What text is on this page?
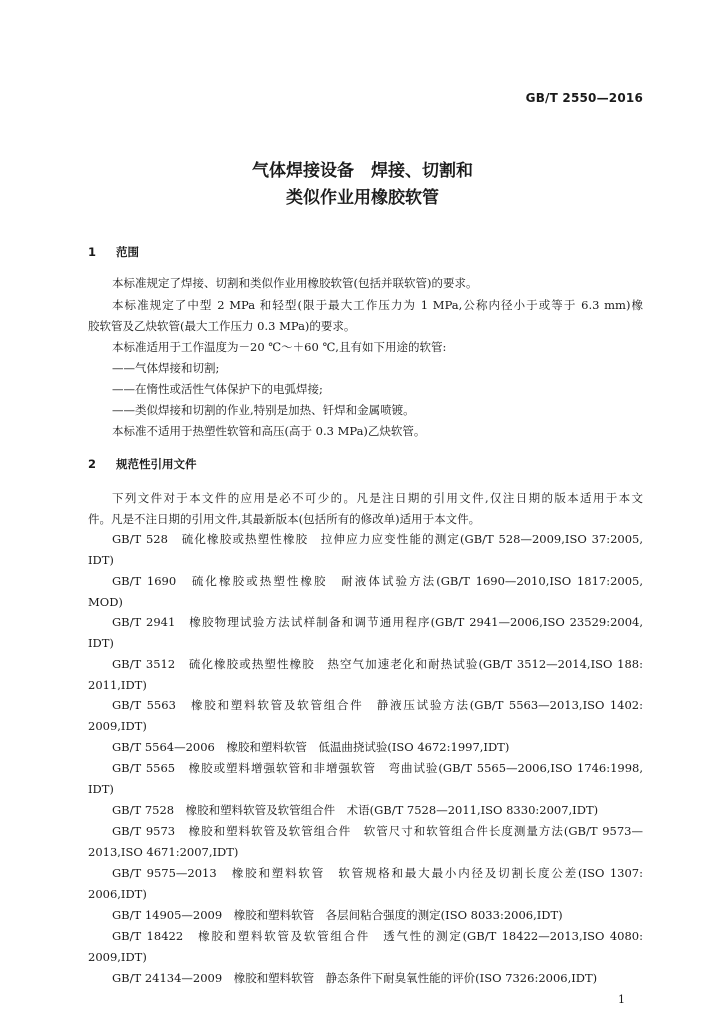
GB/T 2550—2016
气体焊接设备　焊接、切割和
类似作业用橡胶软管
1 范围
本标准规定了焊接、切割和类似作业用橡胶软管(包括并联软管)的要求。
本标准规定了中型 2 MPa 和轻型(限于最大工作压力为 1 MPa,公称内径小于或等于 6.3 mm)橡
胶软管及乙炔软管(最大工作压力 0.3 MPa)的要求。
本标准适用于工作温度为－20 ℃～＋60 ℃,且有如下用途的软管:
——气体焊接和切割;
——在惰性或活性气体保护下的电弧焊接;
——类似焊接和切割的作业,特别是加热、钎焊和金属喷镀。
本标准不适用于热塑性软管和高压(高于 0.3 MPa)乙炔软管。
2 规范性引用文件
下列文件对于本文件的应用是必不可少的。凡是注日期的引用文件,仅注日期的版本适用于本文
件。凡是不注日期的引用文件,其最新版本(包括所有的修改单)适用于本文件。
GB/T 528　硫化橡胶或热塑性橡胶　拉伸应力应变性能的测定(GB/T 528—2009,ISO 37:2005,
IDT)
GB/T 1690　硫化橡胶或热塑性橡胶　耐液体试验方法(GB/T 1690—2010,ISO 1817:2005,
MOD)
GB/T 2941　橡胶物理试验方法试样制备和调节通用程序(GB/T 2941—2006,ISO 23529:2004,
IDT)
GB/T 3512　硫化橡胶或热塑性橡胶　热空气加速老化和耐热试验(GB/T 3512—2014,ISO 188:
2011,IDT)
GB/T 5563　橡胶和塑料软管及软管组合件　静液压试验方法(GB/T 5563—2013,ISO 1402:
2009,IDT)
GB/T 5564—2006　橡胶和塑料软管　低温曲挠试验(ISO 4672:1997,IDT)
GB/T 5565　橡胶或塑料增强软管和非增强软管　弯曲试验(GB/T 5565—2006,ISO 1746:1998,
IDT)
GB/T 7528　橡胶和塑料软管及软管组合件　术语(GB/T 7528—2011,ISO 8330:2007,IDT)
GB/T 9573　橡胶和塑料软管及软管组合件　软管尺寸和软管组合件长度测量方法(GB/T 9573—
2013,ISO 4671:2007,IDT)
GB/T 9575—2013　橡胶和塑料软管　软管规格和最大最小内径及切割长度公差(ISO 1307:
2006,IDT)
GB/T 14905—2009　橡胶和塑料软管　各层间粘合强度的测定(ISO 8033:2006,IDT)
GB/T 18422　橡胶和塑料软管及软管组合件　透气性的测定(GB/T 18422—2013,ISO 4080:
2009,IDT)
GB/T 24134—2009　橡胶和塑料软管　静态条件下耐臭氧性能的评价(ISO 7326:2006,IDT)
1
